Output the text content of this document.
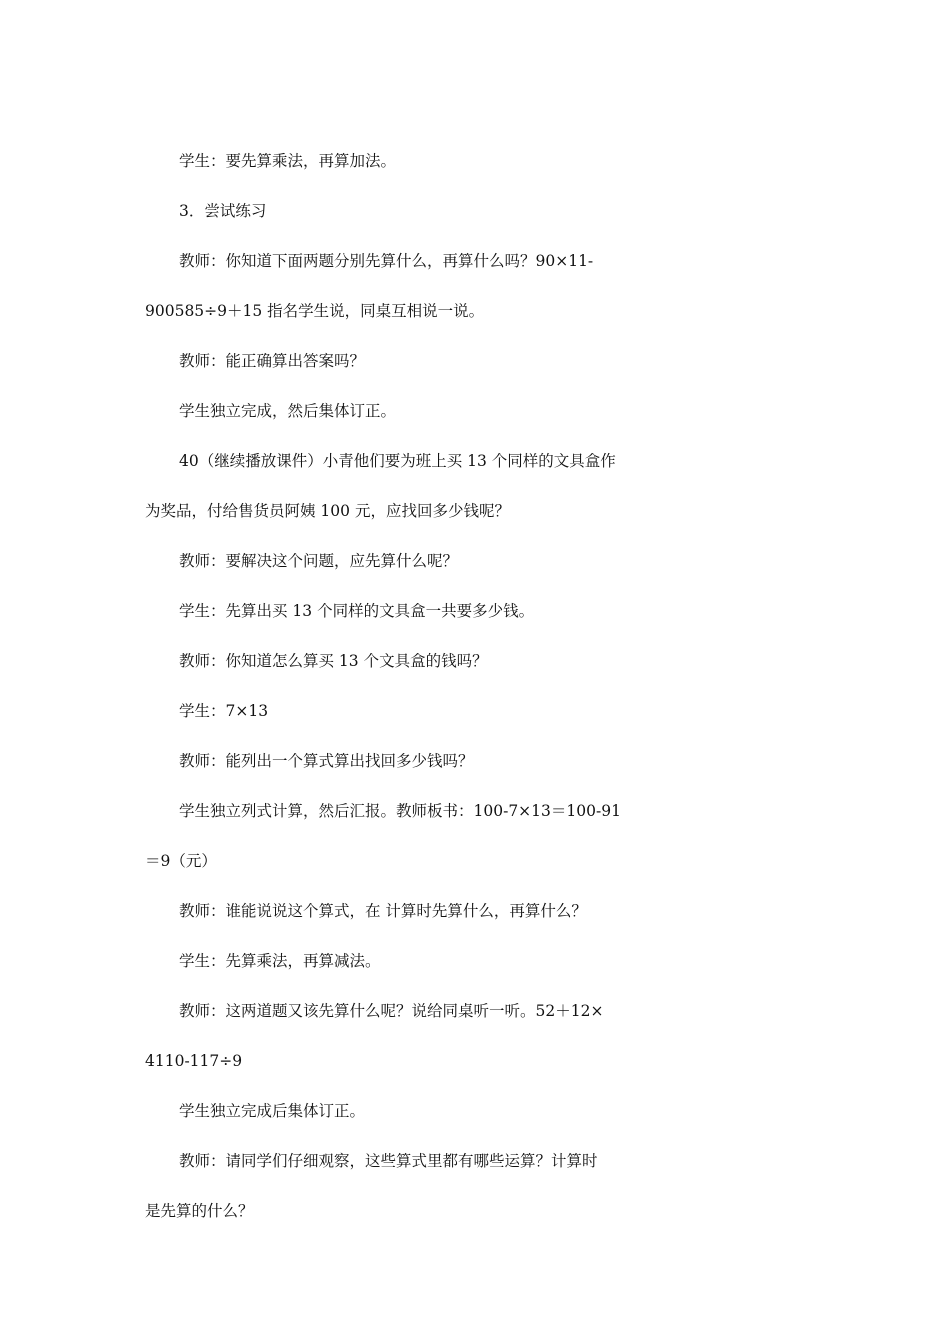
学生：要先算乘法，再算加法。
3．尝试练习
教师：你知道下面两题分别先算什么，再算什么吗？90×11-
900585÷9＋15 指名学生说，同桌互相说一说。
教师：能正确算出答案吗？
学生独立完成，然后集体订正。
40（继续播放课件）小青他们要为班上买 13 个同样的文具盒作
为奖品，付给售货员阿姨 100 元，应找回多少钱呢？
教师：要解决这个问题，应先算什么呢？
学生：先算出买 13 个同样的文具盒一共要多少钱。
教师：你知道怎么算买 13 个文具盒的钱吗？
学生：7×13
教师：能列出一个算式算出找回多少钱吗？
学生独立列式计算，然后汇报。教师板书：100-7×13＝100-91
＝9（元）
教师：谁能说说这个算式，在 计算时先算什么，再算什么？
学生：先算乘法，再算减法。
教师：这两道题又该先算什么呢？说给同桌听一听。52＋12×
4110-117÷9
学生独立完成后集体订正。
教师：请同学们仔细观察，这些算式里都有哪些运算？计算时
是先算的什么？
